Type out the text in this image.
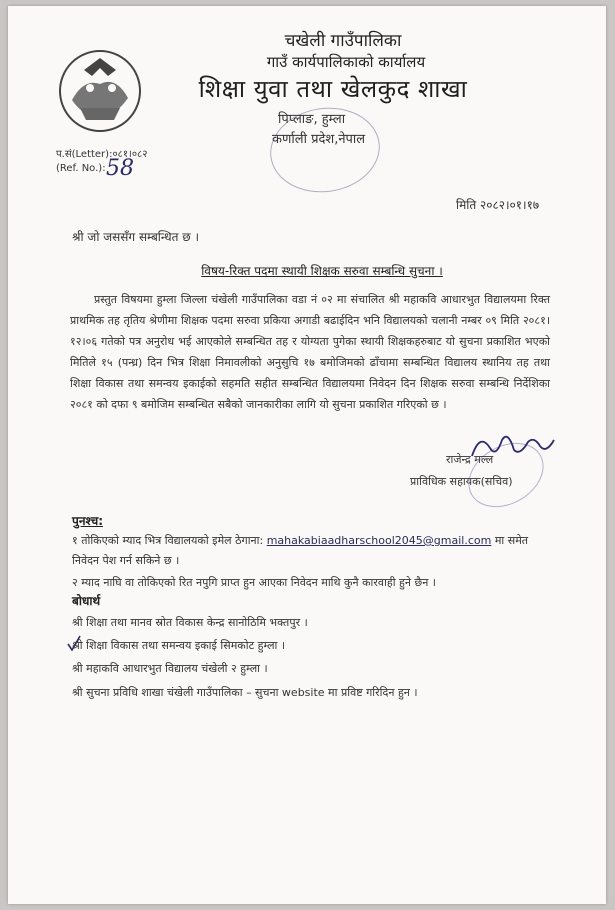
चखेली गाउँपालिका
गाउँ कार्यपालिकाको कार्यालय
शिक्षा युवा तथा खेलकुद शाखा
पिप्लाङ, हुम्ला
कर्णाली प्रदेश,नेपाल
प.सं(Letter):०८१।०८२
(Ref. No.): 58
मिति २०८२।०१।१७
श्री जो जससँग सम्बन्धित छ ।
विषय-रिक्त पदमा स्थायी शिक्षक सरुवा सम्बन्धि सुचना ।
प्रस्तुत विषयमा हुम्ला जिल्ला चंखेली गाउँपालिका वडा नं ०२ मा संचालित श्री महाकवि आधारभुत विद्यालयमा रिक्त प्राथमिक तह तृतिय श्रेणीमा शिक्षक पदमा सरुवा प्रकिया अगाडी बढाईदिन भनि विद्यालयको चलानी नम्बर ०९ मिति २०८१।१२।०६ गतेको पत्र अनुरोध भई आएकोले सम्बन्धित तह र योग्यता पुगेका स्थायी शिक्षकहरुबाट यो सुचना प्रकाशित भएको मितिले १५ (पन्ध्र) दिन भित्र शिक्षा निमावलीको अनुसुचि १७ बमोजिमको ढाँचामा सम्बन्धित विद्यालय स्थानिय तह तथा शिक्षा विकास तथा समन्वय इकाईको सहमति सहीत सम्बन्धित विद्यालयमा निवेदन दिन शिक्षक सरुवा सम्बन्धि निर्देशिका २०८१ को दफा ९ बमोजिम सम्बन्धित सबैको जानकारीका लागि यो सुचना प्रकाशित गरिएको छ ।
राजेन्द्र मल्ल
प्राविधिक सहायक(सचिव)
पुनश्च:
१ तोकिएको म्याद भित्र विद्यालयको इमेल ठेगाना: mahakabiaadharschool2045@gmail.com मा समेत
निवेदन पेश गर्न सकिने छ ।
२ म्याद नाघि वा तोकिएको रित नपुगि प्राप्त हुन आएका निवेदन माथि कुनै कारवाही हुने छैन ।
बोधार्थ
श्री शिक्षा तथा मानव स्रोत विकास केन्द्र सानोठिमि भक्तपुर ।
श्री शिक्षा विकास तथा समन्वय इकाई सिमकोट हुम्ला ।
श्री महाकवि आधारभुत विद्यालय चंखेली २ हुम्ला ।
श्री सुचना प्रविधि शाखा चंखेली गाउँपालिका – सुचना website मा प्रविष्ट गरिदिन हुन ।
